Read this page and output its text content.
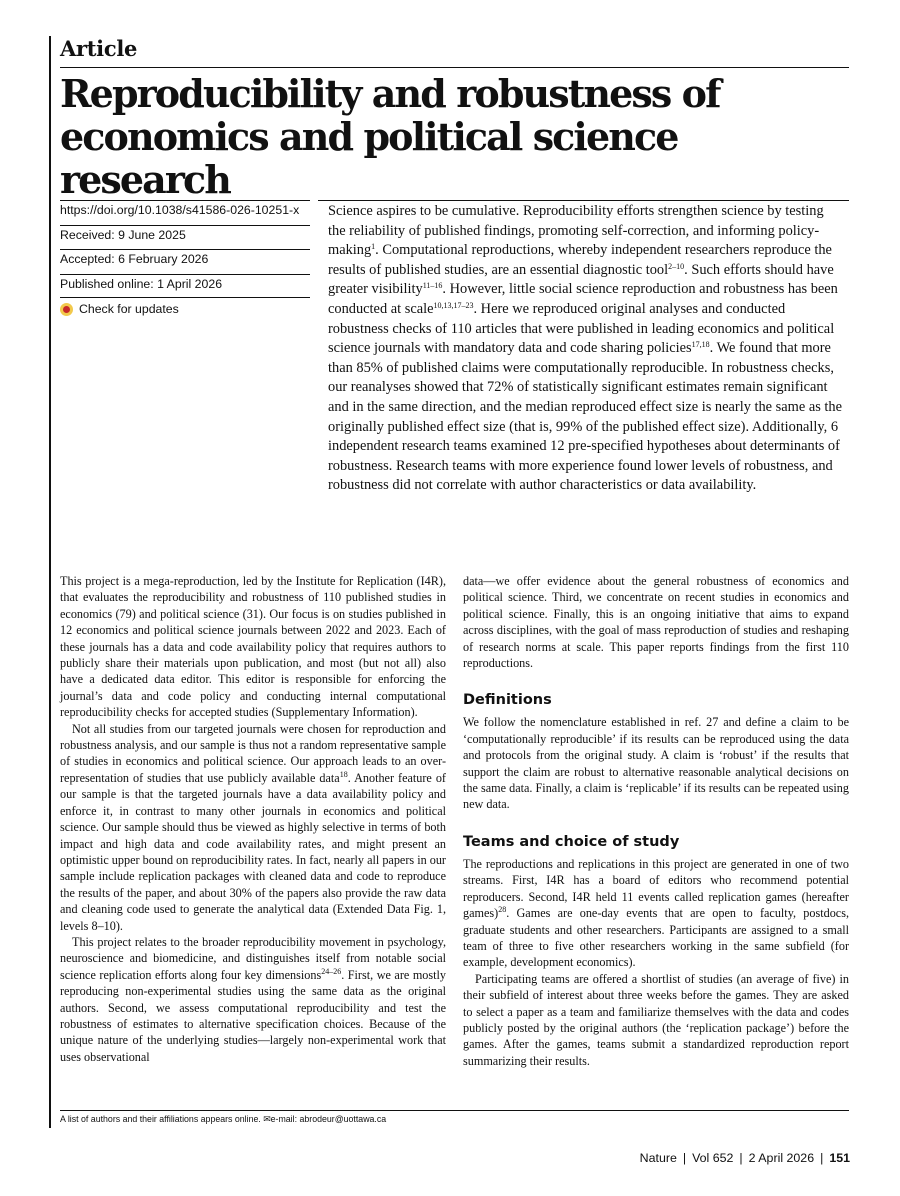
Article
Reproducibility and robustness of economics and political science research
https://doi.org/10.1038/s41586-026-10251-x
Received: 9 June 2025
Accepted: 6 February 2026
Published online: 1 April 2026
Check for updates

Science aspires to be cumulative. Reproducibility efforts strengthen science by testing the reliability of published findings, promoting self-correction, and informing policy-making$^1$. Computational reproductions, whereby independent researchers reproduce the results of published studies, are an essential diagnostic tool$^{2-10}$. Such efforts should have greater visibility$^{11-16}$. However, little social science reproduction and robustness has been conducted at scale$^{10,13,17-23}$. Here we reproduced original analyses and conducted robustness checks of 110 articles that were published in leading economics and political science journals with mandatory data and code sharing policies$^{17,18}$. We found that more than 85% of published claims were computationally reproducible. In robustness checks, our reanalyses showed that 72% of statistically significant estimates remain significant and in the same direction, and the median reproduced effect size is nearly the same as the originally published effect size (that is, 99% of the published effect size). Additionally, 6 independent research teams examined 12 pre-specified hypotheses about determinants of robustness. Research teams with more experience found lower levels of robustness, and robustness did not correlate with author characteristics or data availability.

This project is a mega-reproduction, led by the Institute for Replication (I4R), that evaluates the reproducibility and robustness of 110 published studies in economics (79) and political science (31). Our focus is on studies published in 12 economics and political science journals between 2022 and 2023. Each of these journals has a data and code availability policy that requires authors to publicly share their materials upon publication, and most (but not all) also have a dedicated data editor. This editor is responsible for enforcing the journal’s data and code policy and conducting internal computational reproducibility checks for accepted studies (Supplementary Information).

Not all studies from our targeted journals were chosen for reproduction and robustness analysis, and our sample is thus not a random representative sample of studies in economics and political science. Our approach leads to an over-representation of studies that use publicly available data$^{18}$. Another feature of our sample is that the targeted journals have a data availability policy and enforce it, in contrast to many other journals in economics and political science. Our sample should thus be viewed as highly selective in terms of both impact and high data and code availability rates, and might present an optimistic upper bound on reproducibility rates. In fact, nearly all papers in our sample include replication packages with cleaned data and code to reproduce the results of the paper, and about 30% of the papers also provide the raw data and cleaning code used to generate the analytical data (Extended Data Fig. 1, levels 8–10).

This project relates to the broader reproducibility movement in psychology, neuroscience and biomedicine, and distinguishes itself from notable social science replication efforts along four key dimensions$^{24-26}$. First, we are mostly reproducing non-experimental studies using the same data as the original authors. Second, we assess computational reproducibility and test the robustness of estimates to alternative specification choices. Because of the unique nature of the underlying studies—largely non-experimental work that uses observational

data—we offer evidence about the general robustness of economics and political science. Third, we concentrate on recent studies in economics and political science. Finally, this is an ongoing initiative that aims to expand across disciplines, with the goal of mass reproduction of studies and reshaping of research norms at scale. This paper reports findings from the first 110 reproductions.

Definitions

We follow the nomenclature established in ref. 27 and define a claim to be ‘computationally reproducible’ if its results can be reproduced using the data and protocols from the original study. A claim is ‘robust’ if the results that support the claim are robust to alternative reasonable analytical decisions on the same data. Finally, a claim is ‘replicable’ if its results can be repeated using new data.

Teams and choice of study

The reproductions and replications in this project are generated in one of two streams. First, I4R has a board of editors who recommend potential reproducers. Second, I4R held 11 events called replication games (hereafter games)$^{28}$. Games are one-day events that are open to faculty, postdocs, graduate students and other researchers. Participants are assigned to a small team of three to five other researchers working in the same subfield (for example, development economics).

Participating teams are offered a shortlist of studies (an average of five) in their subfield of interest about three weeks before the games. They are asked to select a paper as a team and familiarize themselves with the data and codes publicly posted by the original authors (the ‘replication package’) before the games. After the games, teams submit a standardized reproduction report summarizing their results.

A list of authors and their affiliations appears online. ✉e-mail: abrodeur@uottawa.ca
Nature | Vol 652 | 2 April 2026 | 151
